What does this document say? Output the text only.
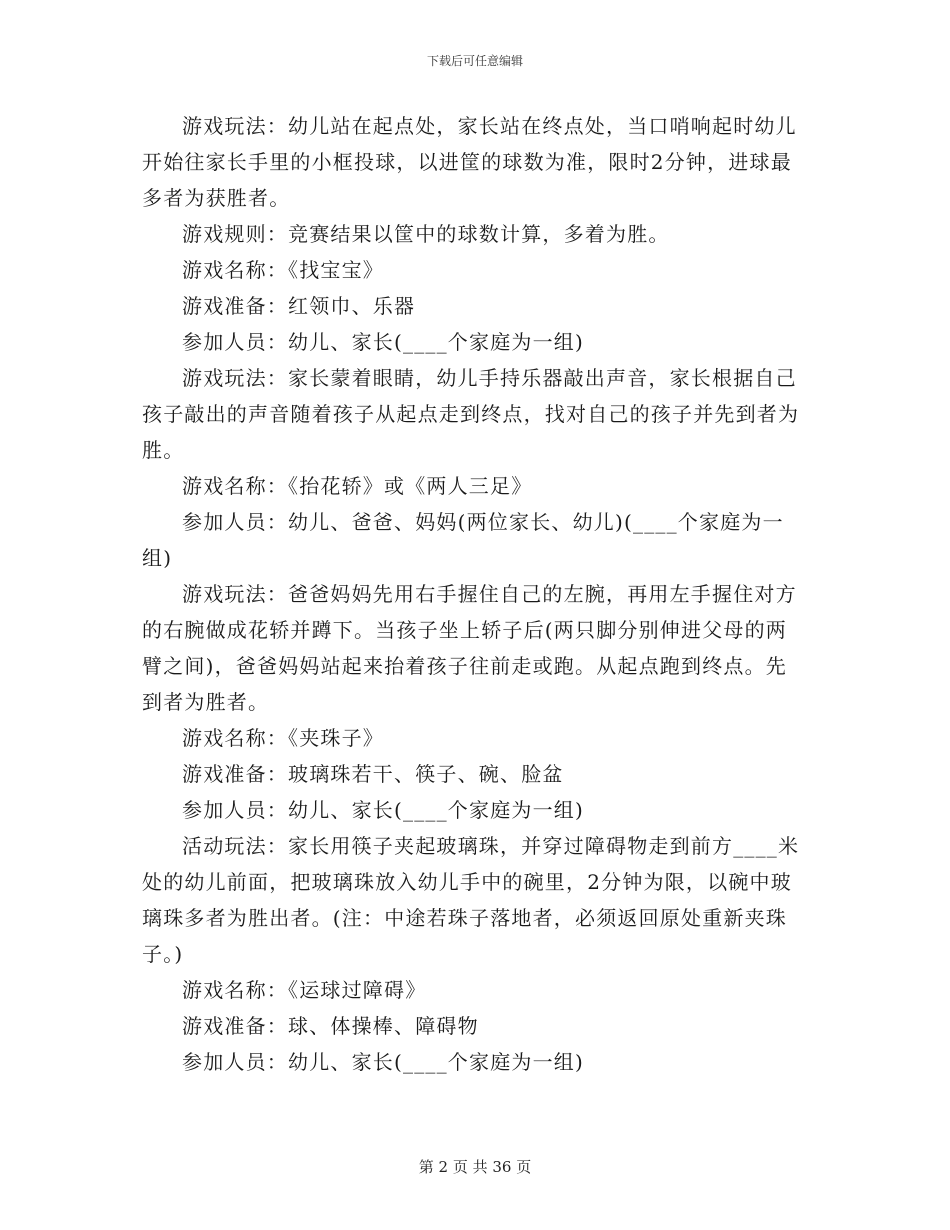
下载后可任意编辑

游戏玩法：幼儿站在起点处，家长站在终点处，当口哨响起时幼儿开始往家长手里的小框投球，以进筐的球数为准，限时2分钟，进球最多者为获胜者。

游戏规则：竞赛结果以筐中的球数计算，多着为胜。

游戏名称：《找宝宝》

游戏准备：红领巾、乐器

参加人员：幼儿、家长(____个家庭为一组)

游戏玩法：家长蒙着眼睛，幼儿手持乐器敲出声音，家长根据自己孩子敲出的声音随着孩子从起点走到终点，找对自己的孩子并先到者为胜。

游戏名称：《抬花轿》或《两人三足》

参加人员：幼儿、爸爸、妈妈(两位家长、幼儿)(____个家庭为一组)

游戏玩法：爸爸妈妈先用右手握住自己的左腕，再用左手握住对方的右腕做成花轿并蹲下。当孩子坐上轿子后(两只脚分别伸进父母的两臂之间)，爸爸妈妈站起来抬着孩子往前走或跑。从起点跑到终点。先到者为胜者。

游戏名称：《夹珠子》

游戏准备：玻璃珠若干、筷子、碗、脸盆

参加人员：幼儿、家长(____个家庭为一组)

活动玩法：家长用筷子夹起玻璃珠，并穿过障碍物走到前方____米处的幼儿前面，把玻璃珠放入幼儿手中的碗里，2分钟为限，以碗中玻璃珠多者为胜出者。(注：中途若珠子落地者，必须返回原处重新夹珠子。)

游戏名称：《运球过障碍》

游戏准备：球、体操棒、障碍物

参加人员：幼儿、家长(____个家庭为一组)

第 2 页 共 36 页
